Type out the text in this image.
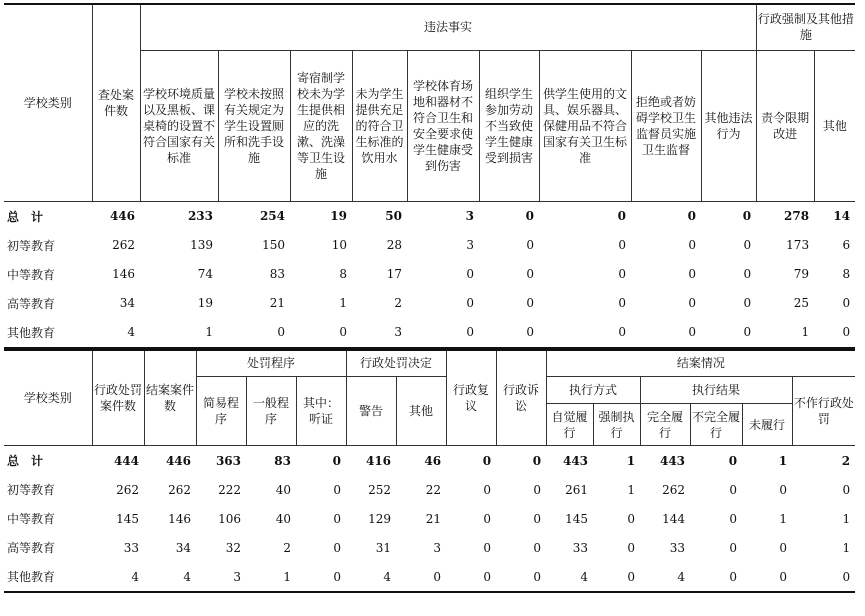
学校类别	查处案件数	违法事实									行政强制及其他措施	
		学校环境质量以及黑板、课桌椅的设置不符合国家有关标准	学校未按照有关规定为学生设置厕所和洗手设施	寄宿制学校未为学生提供相应的洗漱、洗澡等卫生设施	未为学生提供充足的符合卫生标准的饮用水	学校体育场地和器材不符合卫生和安全要求使学生健康受到伤害	组织学生参加劳动不当致使学生健康受到损害	供学生使用的文具、娱乐器具、保健用品不符合国家有关卫生标准	拒绝或者妨碍学校卫生监督员实施卫生监督	其他违法行为	责令限期改进	其他
总　计	446	233	254	19	50	3	0	0	0	0	278	14
初等教育	262	139	150	10	28	3	0	0	0	0	173	6
中等教育	146	74	83	8	17	0	0	0	0	0	79	8
高等教育	34	19	21	1	2	0	0	0	0	0	25	0
其他教育	4	1	0	0	3	0	0	0	0	0	1	0
学校类别	行政处罚案件数	结案案件数	处罚程序			行政处罚决定		行政复议	行政诉讼	结案情况					
			简易程序	一般程序	其中：听证	警告	其他			执行方式		执行结果			不作行政处罚
										自觉履行	强制执行	完全履行	不完全履行	未履行	
总　计	444	446	363	83	0	416	46	0	0	443	1	443	0	1	2
初等教育	262	262	222	40	0	252	22	0	0	261	1	262	0	0	0
中等教育	145	146	106	40	0	129	21	0	0	145	0	144	0	1	1
高等教育	33	34	32	2	0	31	3	0	0	33	0	33	0	0	1
其他教育	4	4	3	1	0	4	0	0	0	4	0	4	0	0	0
